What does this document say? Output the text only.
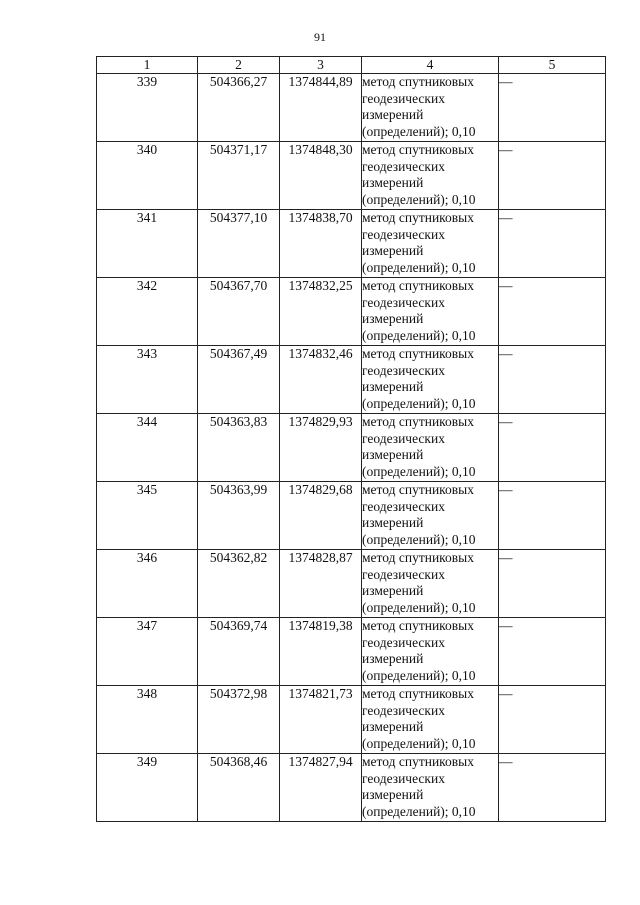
91
1	2	3	4	5
339	504366,27	1374844,89	метод спутниковых
геодезических
измерений
(определений); 0,10	—
340	504371,17	1374848,30	метод спутниковых
геодезических
измерений
(определений); 0,10	—
341	504377,10	1374838,70	метод спутниковых
геодезических
измерений
(определений); 0,10	—
342	504367,70	1374832,25	метод спутниковых
геодезических
измерений
(определений); 0,10	—
343	504367,49	1374832,46	метод спутниковых
геодезических
измерений
(определений); 0,10	—
344	504363,83	1374829,93	метод спутниковых
геодезических
измерений
(определений); 0,10	—
345	504363,99	1374829,68	метод спутниковых
геодезических
измерений
(определений); 0,10	—
346	504362,82	1374828,87	метод спутниковых
геодезических
измерений
(определений); 0,10	—
347	504369,74	1374819,38	метод спутниковых
геодезических
измерений
(определений); 0,10	—
348	504372,98	1374821,73	метод спутниковых
геодезических
измерений
(определений); 0,10	—
349	504368,46	1374827,94	метод спутниковых
геодезических
измерений
(определений); 0,10	—
